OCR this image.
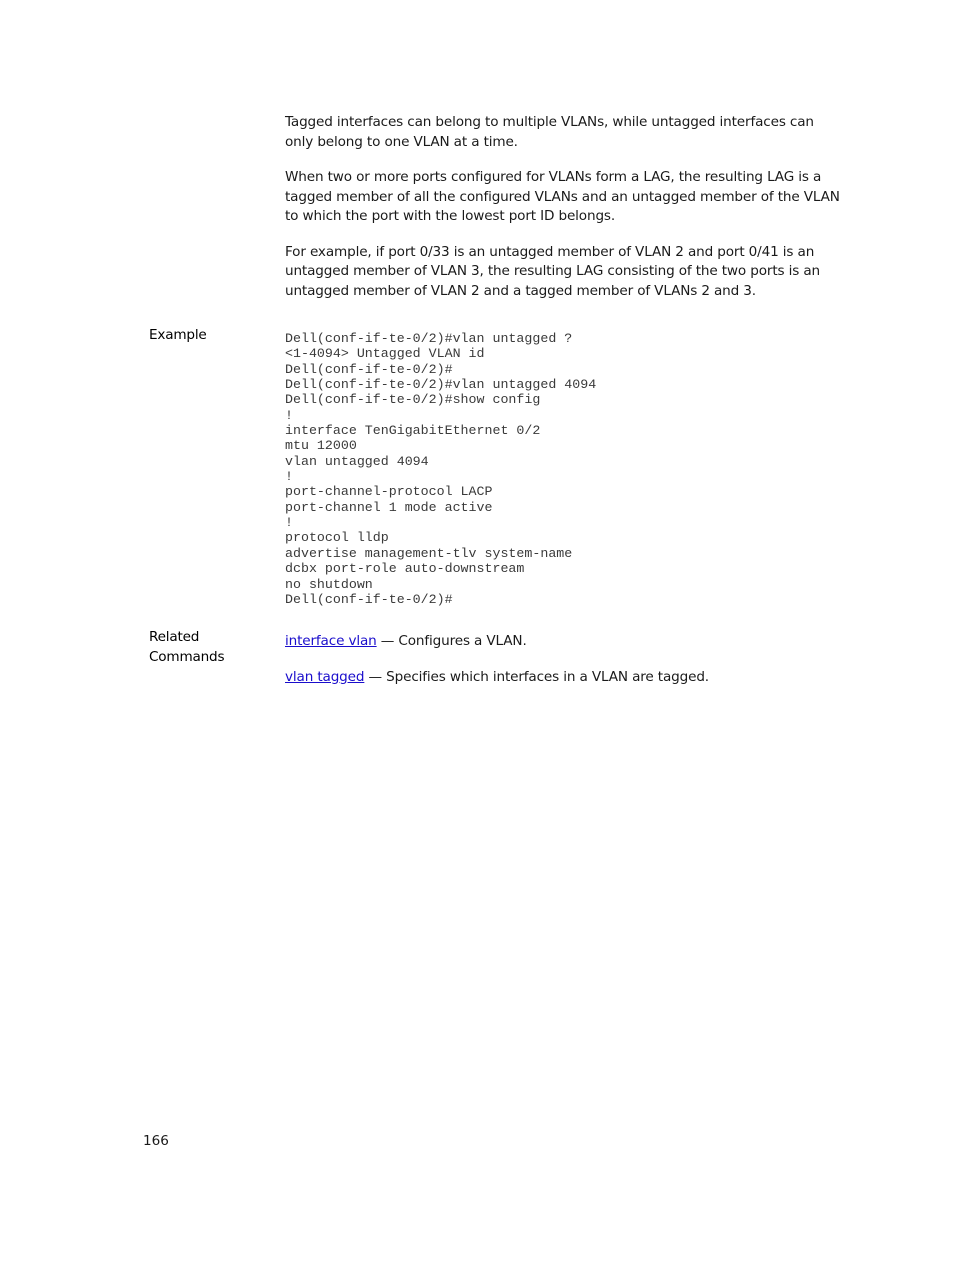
Tagged interfaces can belong to multiple VLANs, while untagged interfaces can only belong to one VLAN at a time.

When two or more ports configured for VLANs form a LAG, the resulting LAG is a tagged member of all the configured VLANs and an untagged member of the VLAN to which the port with the lowest port ID belongs.

For example, if port 0/33 is an untagged member of VLAN 2 and port 0/41 is an untagged member of VLAN 3, the resulting LAG consisting of the two ports is an untagged member of VLAN 2 and a tagged member of VLANs 2 and 3.

Example	Dell(conf-if-te-0/2)#vlan untagged ?
<1-4094> Untagged VLAN id
Dell(conf-if-te-0/2)#
Dell(conf-if-te-0/2)#vlan untagged 4094
Dell(conf-if-te-0/2)#show config
!
interface TenGigabitEthernet 0/2
mtu 12000
vlan untagged 4094
!
port-channel-protocol LACP
port-channel 1 mode active
!
protocol lldp
advertise management-tlv system-name
dcbx port-role auto-downstream
no shutdown
Dell(conf-if-te-0/2)#
Related
Commands

interface vlan — Configures a VLAN.

vlan tagged — Specifies which interfaces in a VLAN are tagged.

166
